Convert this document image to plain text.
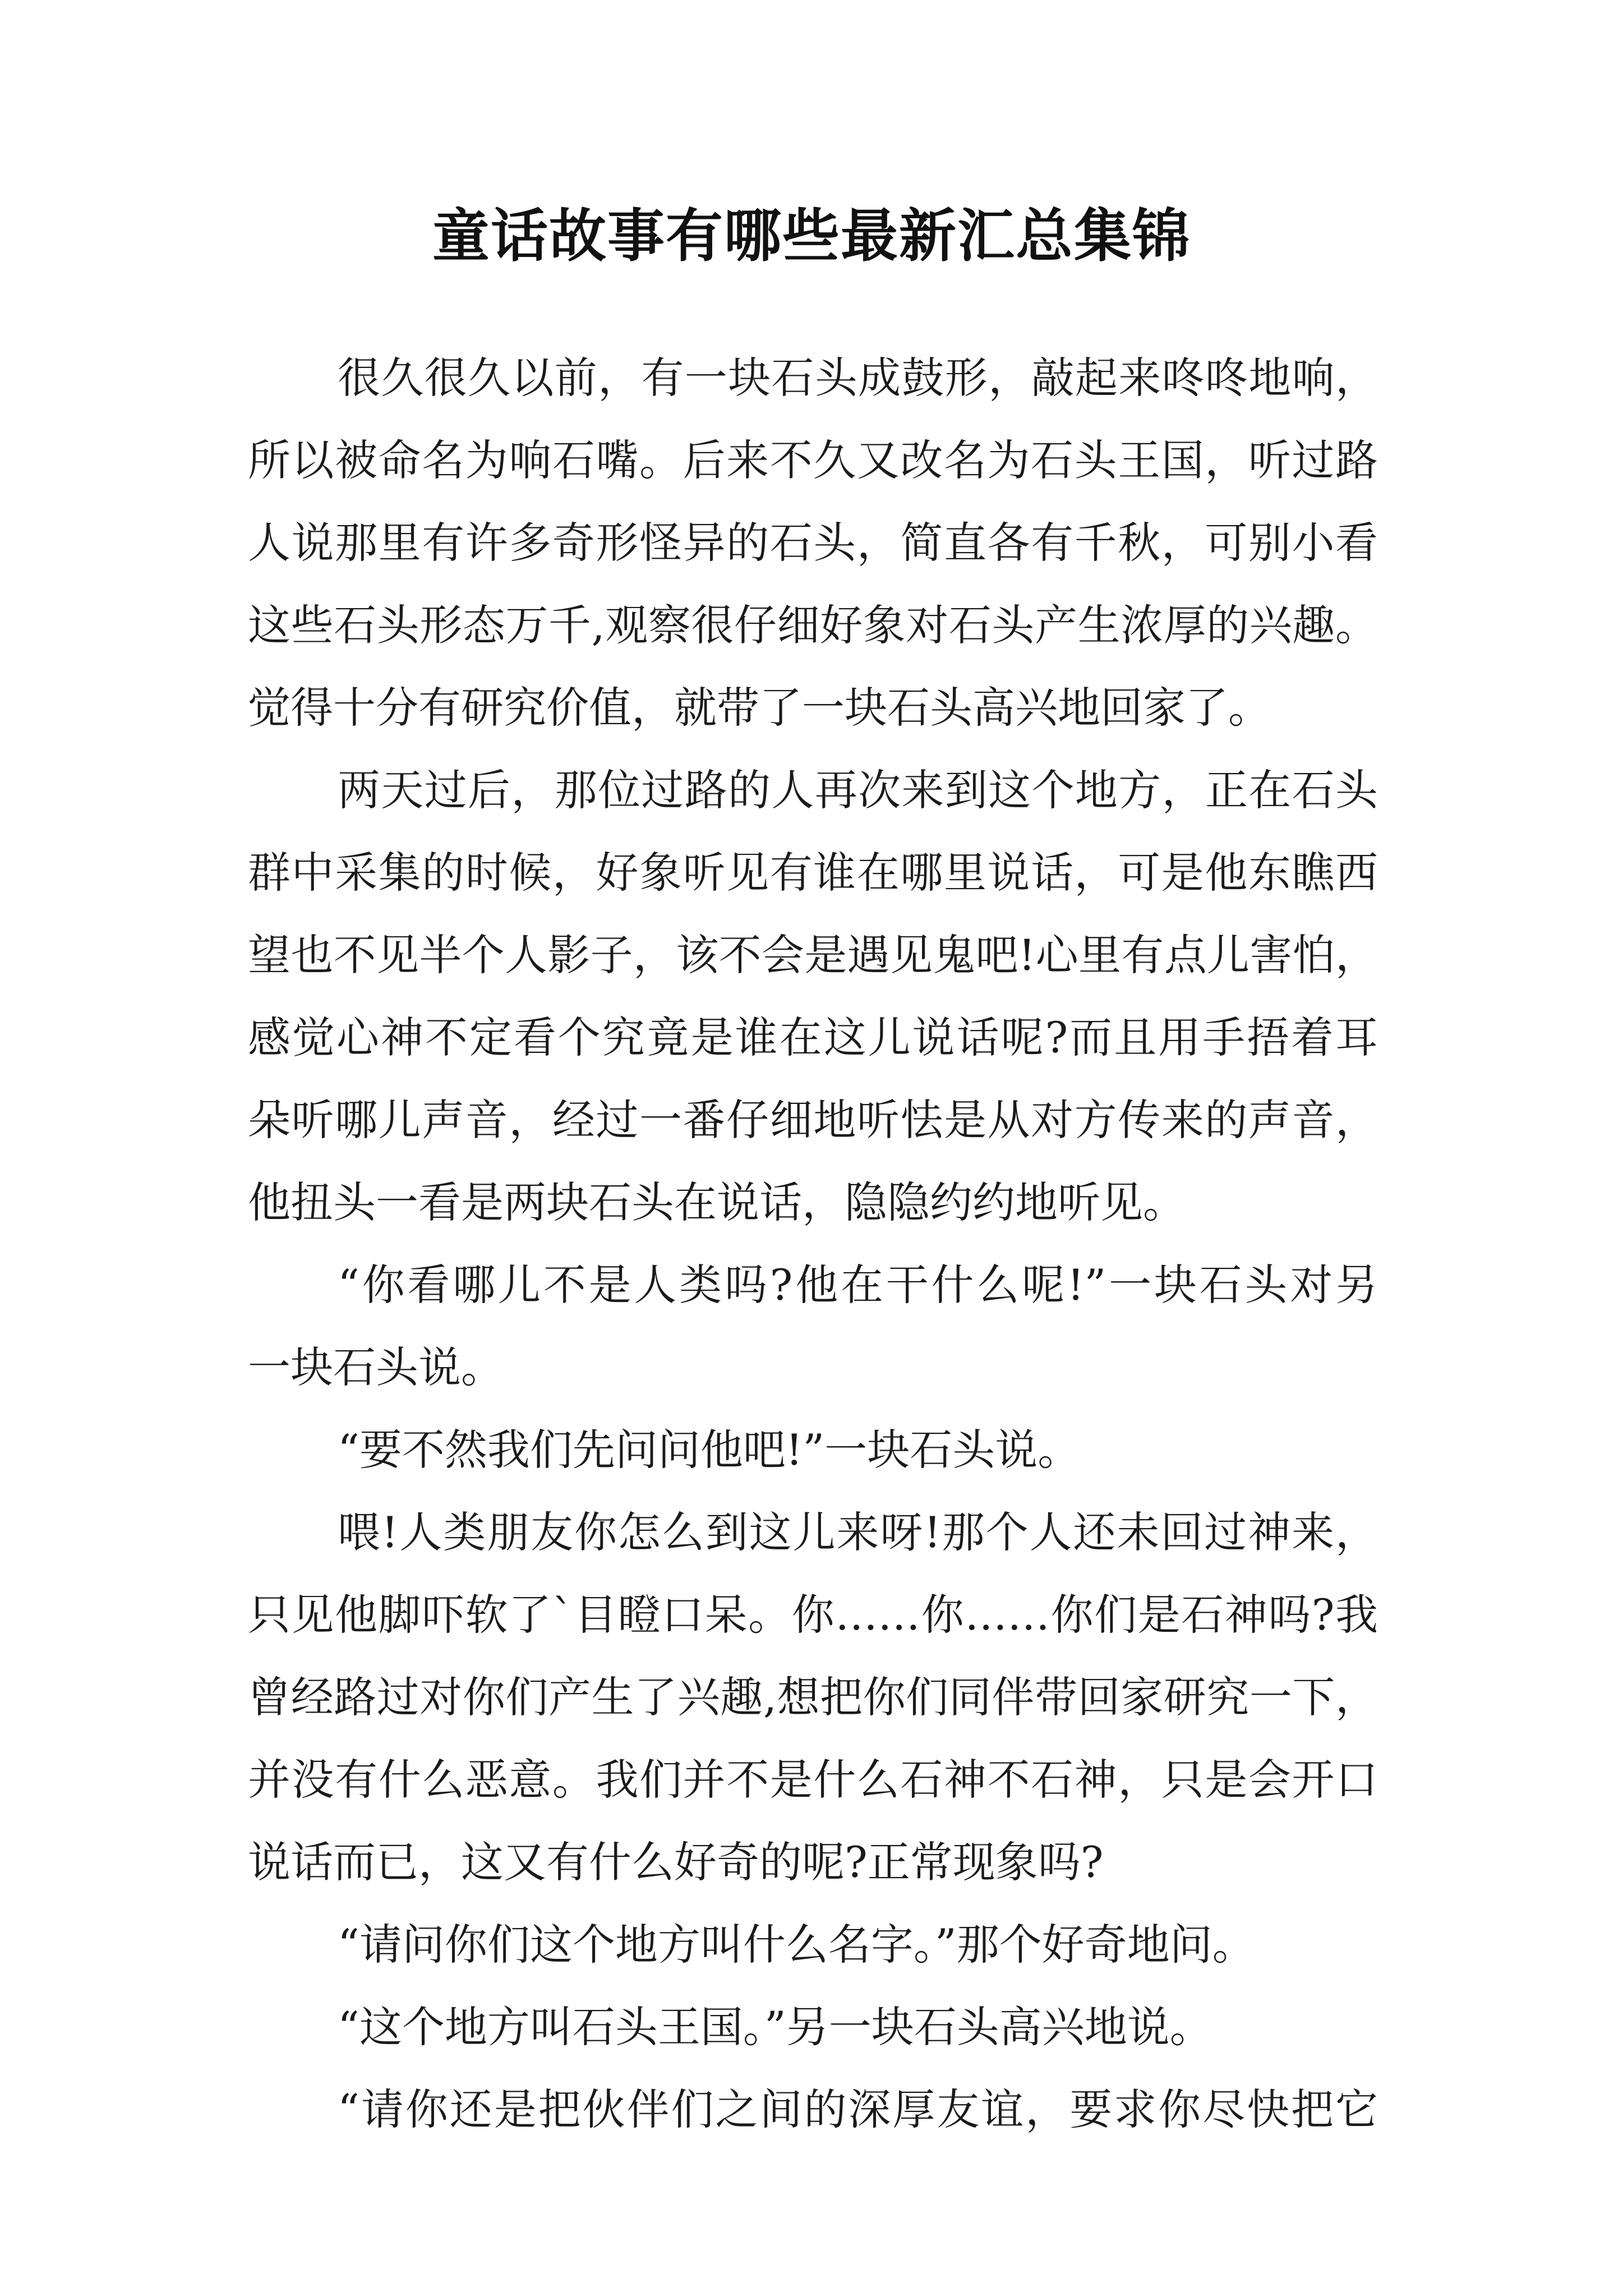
童话故事有哪些最新汇总集锦
很久很久以前，有一块石头成鼓形，敲起来咚咚地响，
所以被命名为响石嘴。后来不久又改名为石头王国，听过路
人说那里有许多奇形怪异的石头，简直各有千秋，可别小看
这些石头形态万千,观察很仔细好象对石头产生浓厚的兴趣。
觉得十分有研究价值，就带了一块石头高兴地回家了。
两天过后，那位过路的人再次来到这个地方，正在石头
群中采集的时候，好象听见有谁在哪里说话，可是他东瞧西
望也不见半个人影子，该不会是遇见鬼吧!心里有点儿害怕，
感觉心神不定看个究竟是谁在这儿说话呢?而且用手捂着耳
朵听哪儿声音，经过一番仔细地听怯是从对方传来的声音，
他扭头一看是两块石头在说话，隐隐约约地听见。
“你看哪儿不是人类吗?他在干什么呢!”一块石头对另
一块石头说。
“要不然我们先问问他吧!”一块石头说。
喂!人类朋友你怎么到这儿来呀!那个人还未回过神来，
只见他脚吓软了`目瞪口呆。你……你……你们是石神吗?我
曾经路过对你们产生了兴趣,想把你们同伴带回家研究一下，
并没有什么恶意。我们并不是什么石神不石神，只是会开口
说话而已，这又有什么好奇的呢?正常现象吗?
“请问你们这个地方叫什么名字。”那个好奇地问。
“这个地方叫石头王国。”另一块石头高兴地说。
“请你还是把伙伴们之间的深厚友谊，要求你尽快把它
